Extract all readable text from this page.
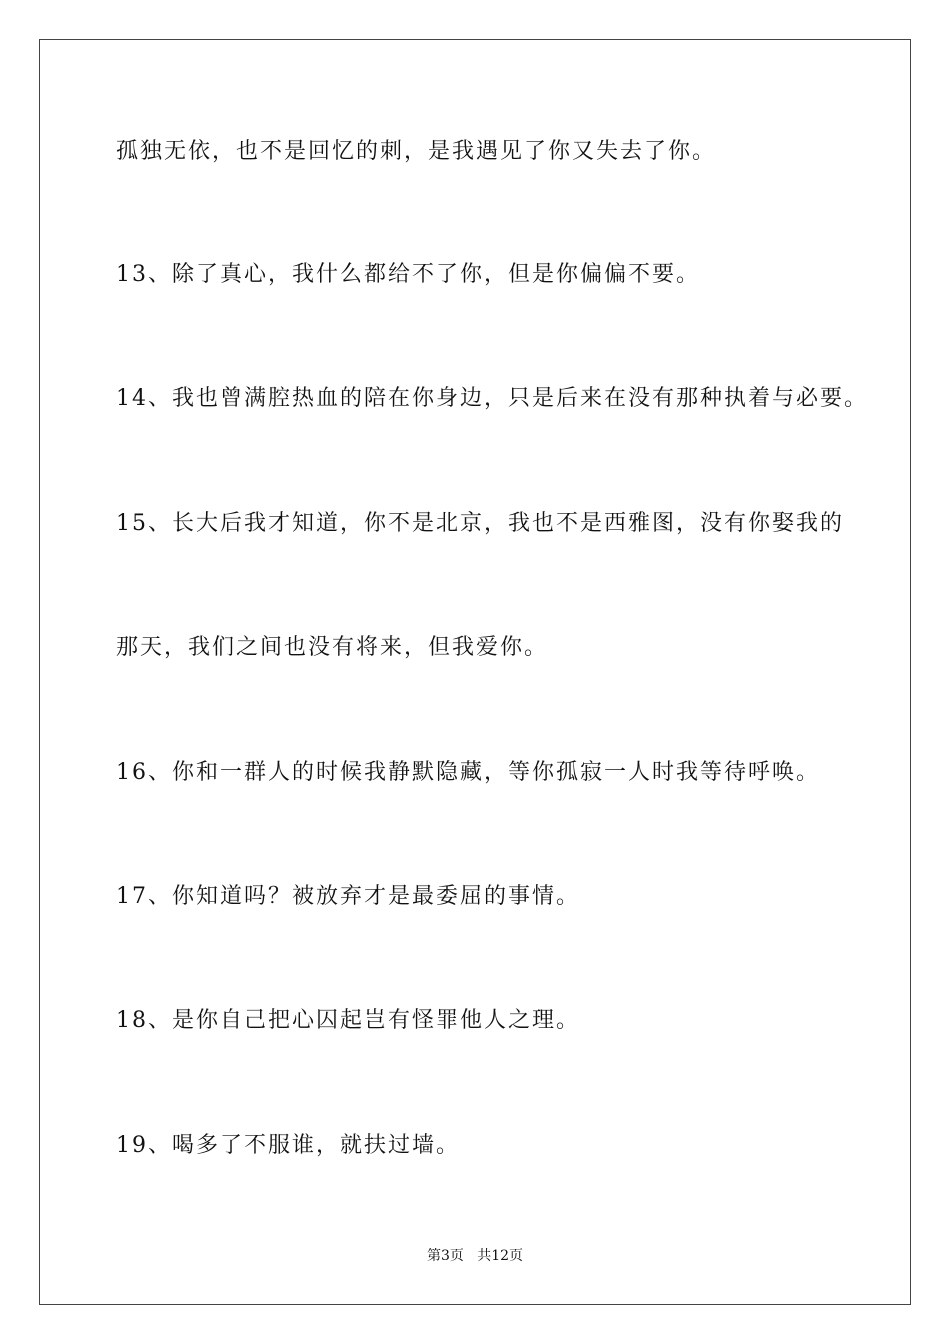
孤独无依，也不是回忆的刺，是我遇见了你又失去了你。
13、除了真心，我什么都给不了你，但是你偏偏不要。
14、我也曾满腔热血的陪在你身边，只是后来在没有那种执着与必要。
15、长大后我才知道，你不是北京，我也不是西雅图，没有你娶我的
那天，我们之间也没有将来，但我爱你。
16、你和一群人的时候我静默隐藏，等你孤寂一人时我等待呼唤。
17、你知道吗？被放弃才是最委屈的事情。
18、是你自己把心囚起岂有怪罪他人之理。
19、喝多了不服谁，就扶过墙。
第3页   共12页
